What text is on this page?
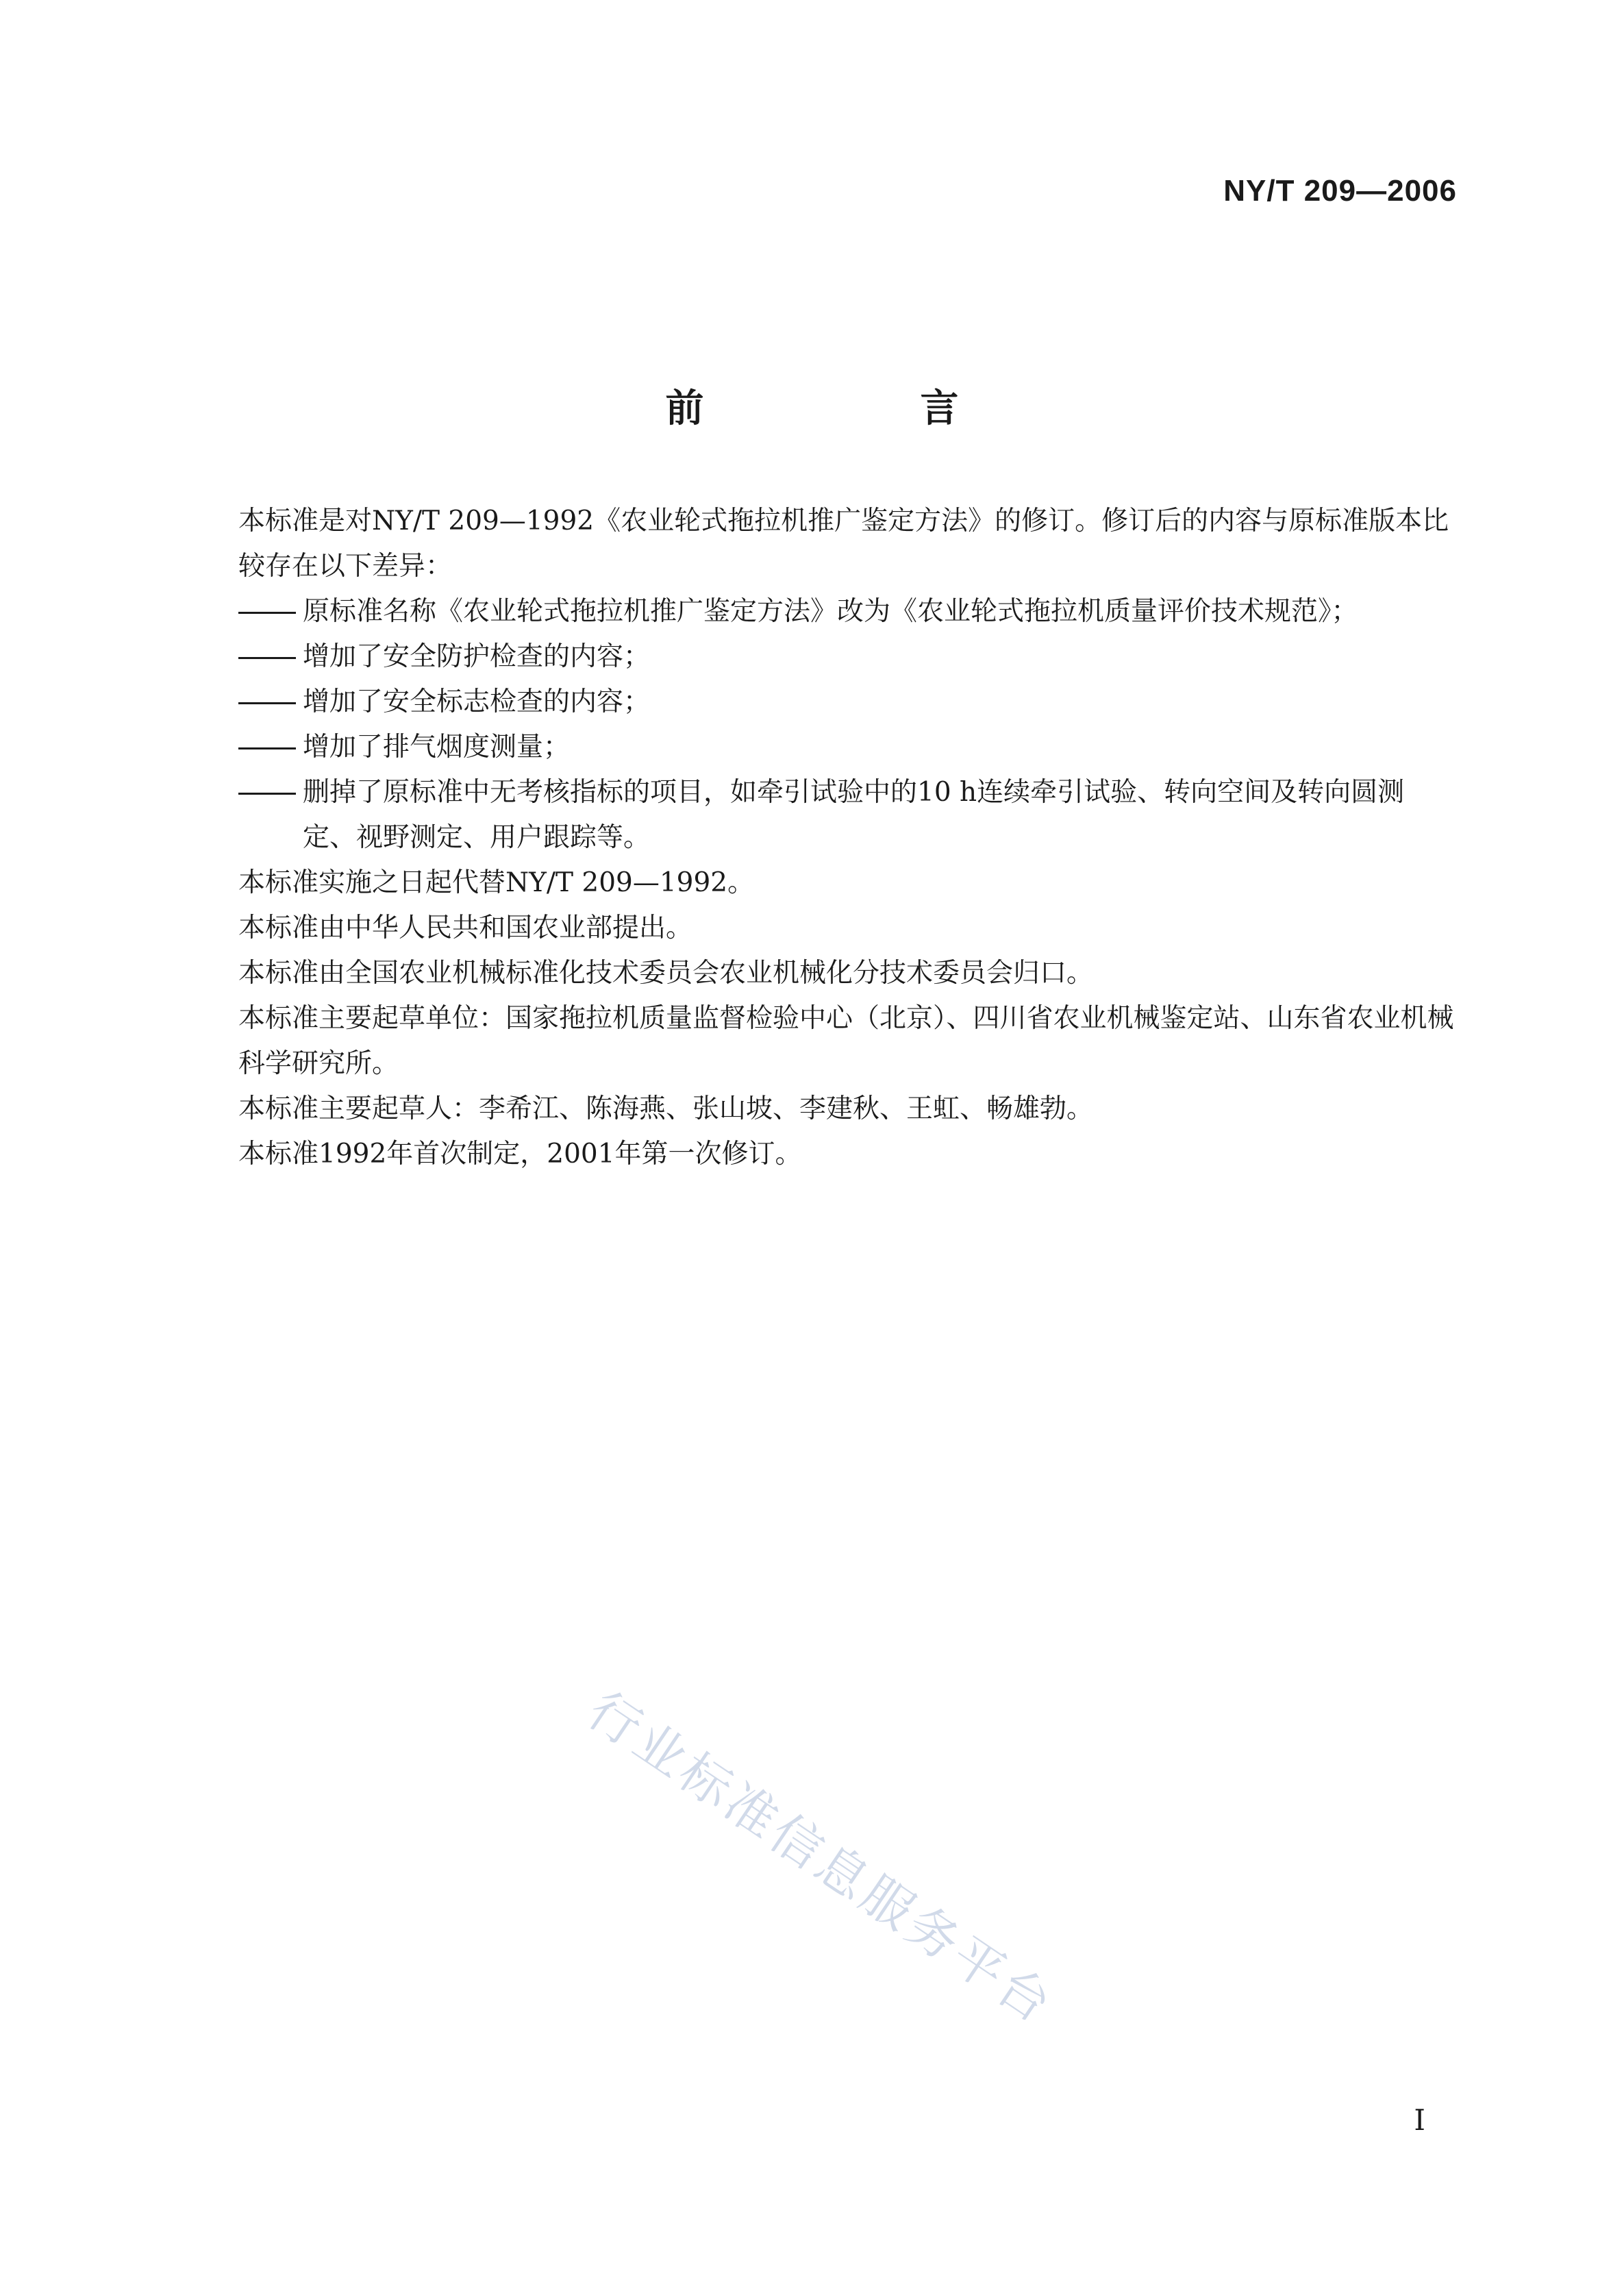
NY/T 209—2006
前　言

本标准是对NY/T 209—1992《农业轮式拖拉机推广鉴定方法》的修订。修订后的内容与原标准版本比较存在以下差异：

原标准名称《农业轮式拖拉机推广鉴定方法》改为《农业轮式拖拉机质量评价技术规范》；

增加了安全防护检查的内容；

增加了安全标志检查的内容；

增加了排气烟度测量；

删掉了原标准中无考核指标的项目，如牵引试验中的10 h连续牵引试验、转向空间及转向圆测定、视野测定、用户跟踪等。

本标准实施之日起代替NY/T 209—1992。

本标准由中华人民共和国农业部提出。

本标准由全国农业机械标准化技术委员会农业机械化分技术委员会归口。

本标准主要起草单位：国家拖拉机质量监督检验中心（北京）、四川省农业机械鉴定站、山东省农业机械科学研究所。

本标准主要起草人：李希江、陈海燕、张山坡、李建秋、王虹、畅雄勃。

本标准1992年首次制定，2001年第一次修订。

行业标准信息服务平台
I
